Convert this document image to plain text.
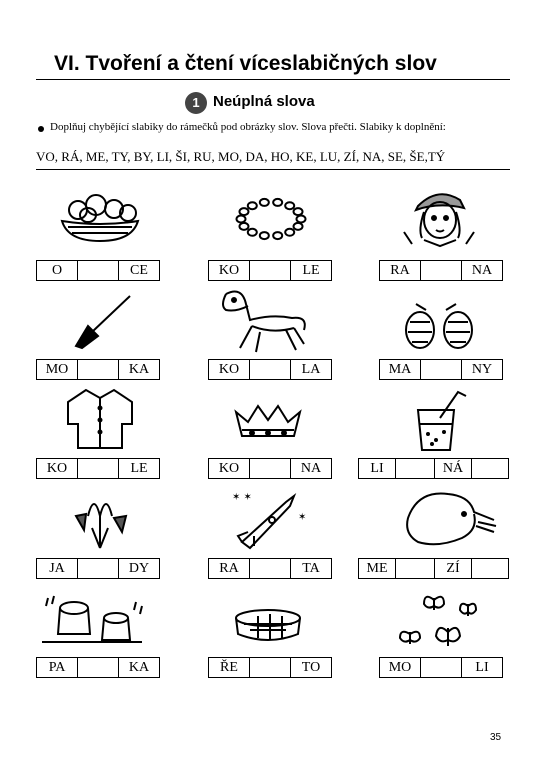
VI. Tvoření a čtení víceslabičných slov
1 Neúplná slova
Doplňuj chybějící slabiky do rámečků pod obrázky slov. Slova přečti. Slabiky k doplnění:
VO, RÁ, ME, TY, BY, LI, ŠI, RU, MO, DA, HO, KE, LU, ZÍ, NA, SE, ŠE,TÝ
✶ ✶
✶
O	CE	KO	LE	RA	NA
MO	KA	KO	LA	MA	NY
KO	LE	KO	NA	LI	NÁ
JA	DY	RA	TA	ME	ZÍ
PA	KA	ŘE	TO	MO	LI
35
